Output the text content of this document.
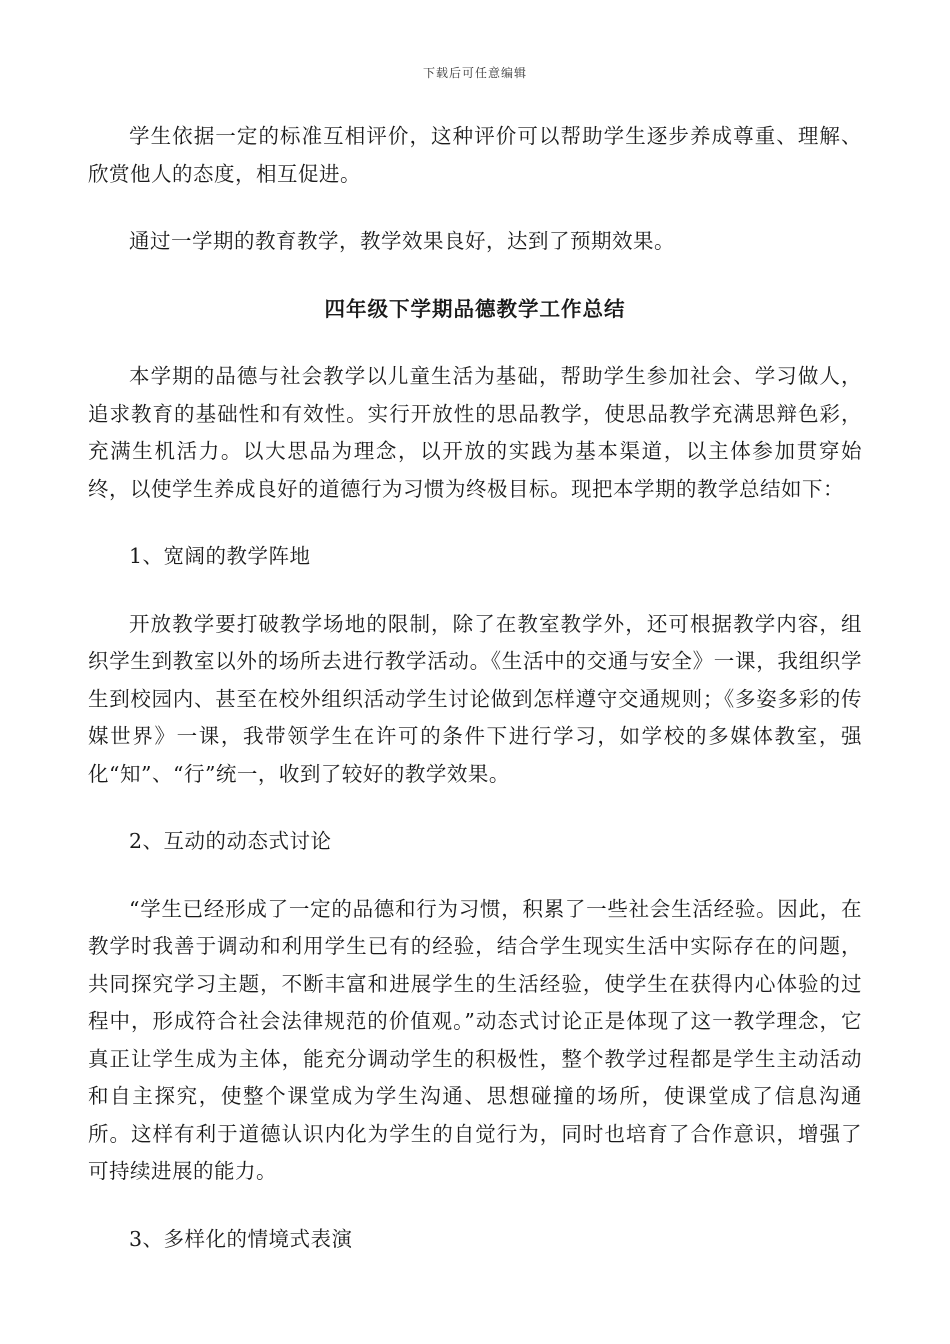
下载后可任意编辑

学生依据一定的标准互相评价，这种评价可以帮助学生逐步养成尊重、理解、欣赏他人的态度，相互促进。

通过一学期的教育教学，教学效果良好，达到了预期效果。

四年级下学期品德教学工作总结

本学期的品德与社会教学以儿童生活为基础，帮助学生参加社会、学习做人，追求教育的基础性和有效性。实行开放性的思品教学，使思品教学充满思辩色彩，充满生机活力。以大思品为理念，以开放的实践为基本渠道，以主体参加贯穿始终，以使学生养成良好的道德行为习惯为终极目标。现把本学期的教学总结如下：

1、宽阔的教学阵地

开放教学要打破教学场地的限制，除了在教室教学外，还可根据教学内容，组织学生到教室以外的场所去进行教学活动。《生活中的交通与安全》一课，我组织学生到校园内、甚至在校外组织活动学生讨论做到怎样遵守交通规则；《多姿多彩的传媒世界》一课，我带领学生在许可的条件下进行学习，如学校的多媒体教室，强化“知”、“行”统一，收到了较好的教学效果。

2、互动的动态式讨论

“学生已经形成了一定的品德和行为习惯，积累了一些社会生活经验。因此，在教学时我善于调动和利用学生已有的经验，结合学生现实生活中实际存在的问题，共同探究学习主题，不断丰富和进展学生的生活经验，使学生在获得内心体验的过程中，形成符合社会法律规范的价值观。”动态式讨论正是体现了这一教学理念，它真正让学生成为主体，能充分调动学生的积极性，整个教学过程都是学生主动活动和自主探究，使整个课堂成为学生沟通、思想碰撞的场所，使课堂成了信息沟通所。这样有利于道德认识内化为学生的自觉行为，同时也培育了合作意识，增强了可持续进展的能力。

3、多样化的情境式表演
